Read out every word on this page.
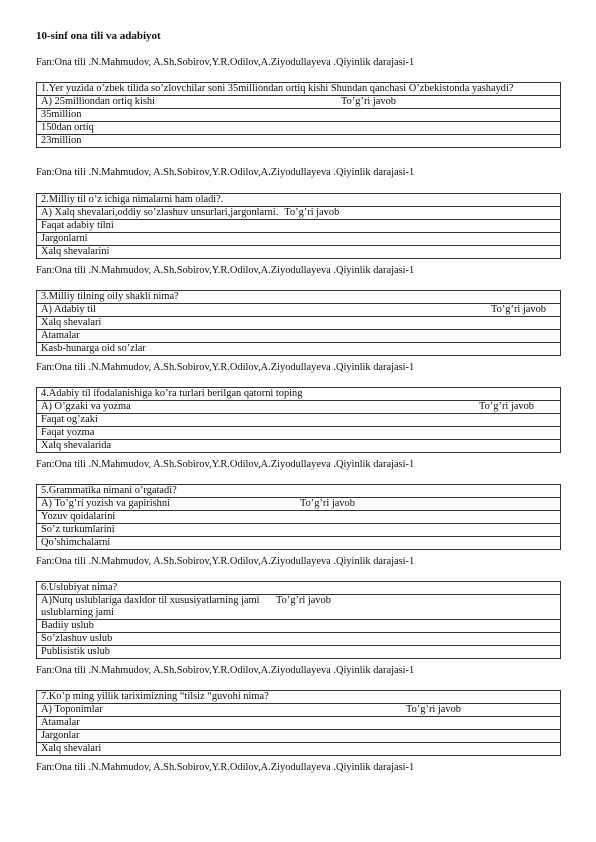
10-sinf ona tili va adabiyot
Fan:Ona tili .N.Mahmudov, A.Sh.Sobirov,Y.R.Odilov,A.Ziyodullayeva .Qiyinlik darajasi-1
1.Yer yuzida o’zbek tilida so’zlovchilar soni 35milliondan ortiq kishi Shundan qanchasi O’zbekistonda yashaydi?

A) 25milliondan ortiq kishi	To’g’ri javob

35million
150dan ortiq
23million
Fan:Ona tili .N.Mahmudov, A.Sh.Sobirov,Y.R.Odilov,A.Ziyodullayeva .Qiyinlik darajasi-1
2.Milliy til o’z ichiga nimalarni ham oladi?.

A) Xalq shevalari,oddiy so’zlashuv unsurlari,jargonlarni. To’g’ri javob

Faqat adabiy tilni
Jargonlarni
Xalq shevalarini
Fan:Ona tili .N.Mahmudov, A.Sh.Sobirov,Y.R.Odilov,A.Ziyodullayeva .Qiyinlik darajasi-1
3.Milliy tilning oily shakli nima?

A) Adabiy til	To’g’ri javob

Xalq shevalari
Atamalar
Kasb-hunarga oid so’zlar
Fan:Ona tili .N.Mahmudov, A.Sh.Sobirov,Y.R.Odilov,A.Ziyodullayeva .Qiyinlik darajasi-1
4.Adabiy til ifodalanishiga ko’ra turlari berilgan qatorni toping

A) O’gzaki va yozma	To’g’ri javob

Faqat og’zaki
Faqat yozma
Xalq shevalarida
Fan:Ona tili .N.Mahmudov, A.Sh.Sobirov,Y.R.Odilov,A.Ziyodullayeva .Qiyinlik darajasi-1
5.Grammatika nimani o’rgatadi?

A) To’g’ri yozish va gapirishni	To’g’ri javob

Yozuv qoidalarini
So’z turkumlarini
Qo’shimchalarni
Fan:Ona tili .N.Mahmudov, A.Sh.Sobirov,Y.R.Odilov,A.Ziyodullayeva .Qiyinlik darajasi-1
6.Uslubiyat nima?

A)Nutq uslublariga daxldor til xususiyatlarning jami uslublarning jami
To’g’ri javob

Badiiy uslub
So’zlashuv uslub
Publisistik uslub
Fan:Ona tili .N.Mahmudov, A.Sh.Sobirov,Y.R.Odilov,A.Ziyodullayeva .Qiyinlik darajasi-1
7.Ko’p ming yillik tariximizning “tilsiz “guvohi nima?

A) Toponimlar	To’g’ri javob

Atamalar
Jargonlar
Xalq shevalari
Fan:Ona tili .N.Mahmudov, A.Sh.Sobirov,Y.R.Odilov,A.Ziyodullayeva .Qiyinlik darajasi-1
